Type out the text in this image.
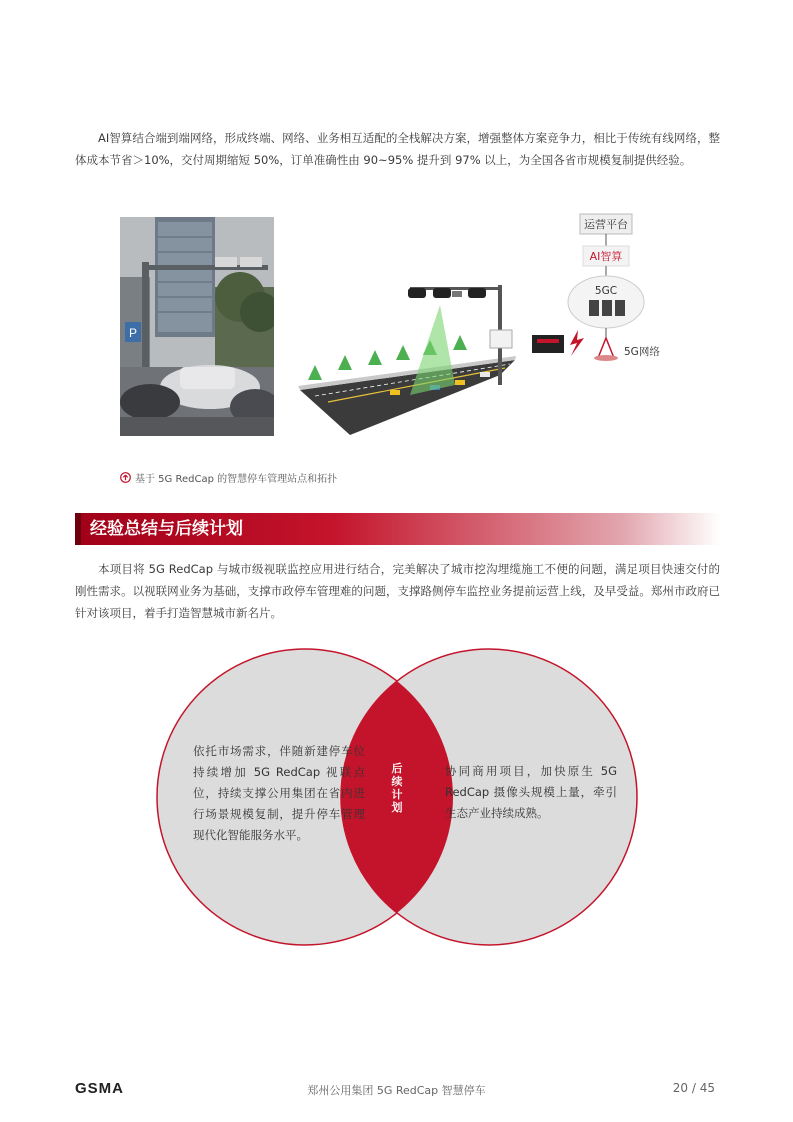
AI智算结合端到端网络，形成终端、网络、业务相互适配的全栈解决方案，增强整体方案竞争力，相比于传统有线网络，整体成本节省＞10%，交付周期缩短 50%，订单准确性由 90~95% 提升到 97% 以上，为全国各省市规模复制提供经验。

P
运营平台
AI智算
5GC
5G网络
基于 5G RedCap 的智慧停车管理站点和拓扑
经验总结与后续计划

本项目将 5G RedCap 与城市级视联监控应用进行结合，完美解决了城市挖沟埋缆施工不便的问题，满足项目快速交付的刚性需求。以视联网业务为基础，支撑市政停车管理难的问题，支撑路侧停车监控业务提前运营上线，及早受益。郑州市政府已针对该项目，着手打造智慧城市新名片。

依托市场需求，伴随新建停车位持续增加 5G RedCap 视联点位，持续支撑公用集团在省内进行场景规模复制，提升停车管理现代化智能服务水平。
后续计划
协同商用项目，加快原生 5G RedCap 摄像头规模上量，牵引生态产业持续成熟。
GSMA	郑州公用集团 5G RedCap 智慧停车	20 / 45
